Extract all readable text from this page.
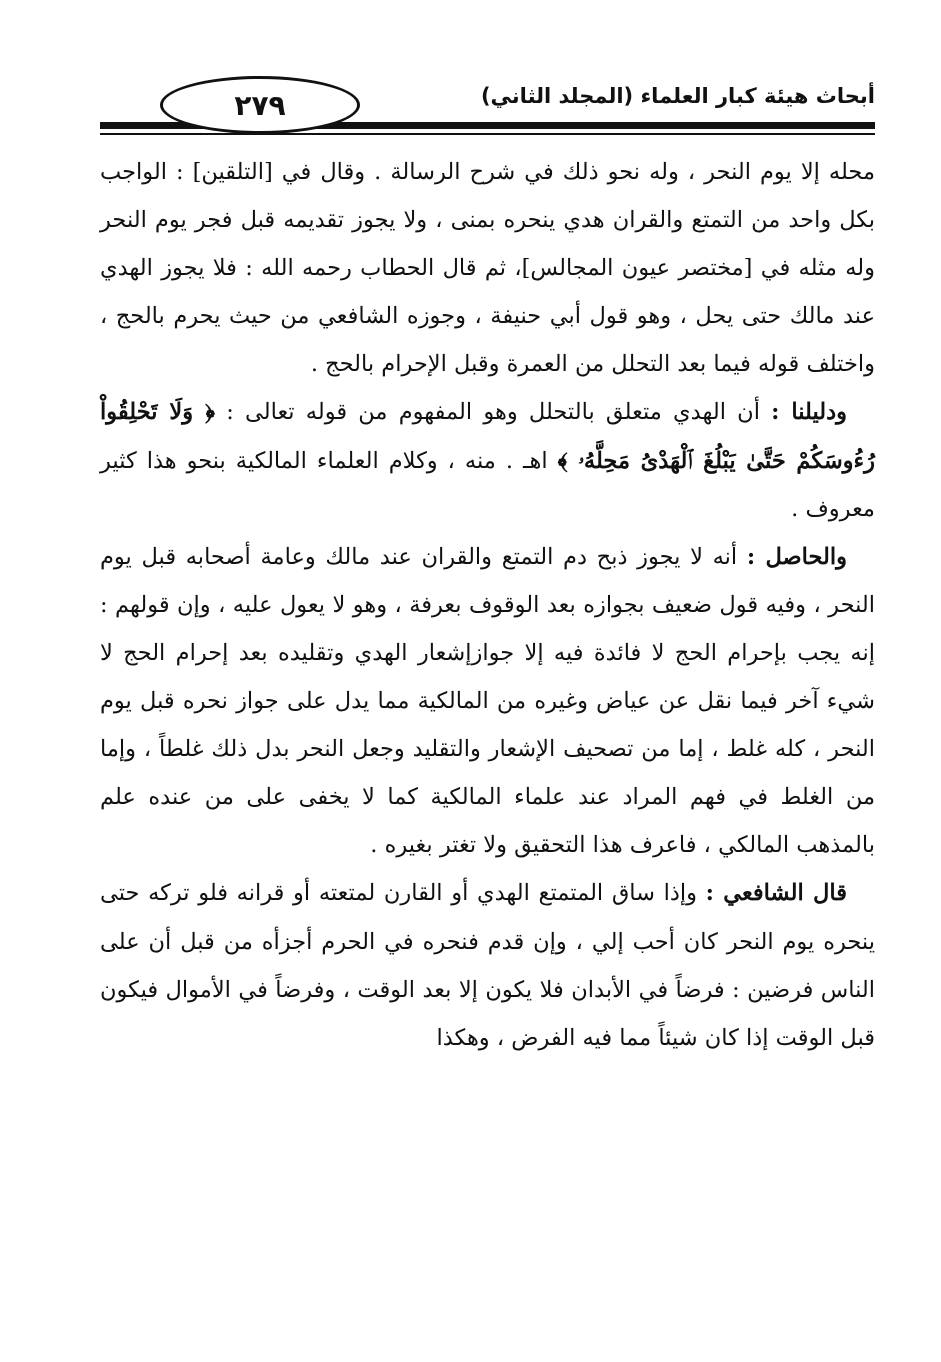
٢٧٩	أبحاث هيئة كبار العلماء (المجلد الثاني)

محله إلا يوم النحر ، وله نحو ذلك في شرح الرسالة . وقال في [التلقين] : الواجب بكل واحد من التمتع والقران هدي ينحره بمنى ، ولا يجوز تقديمه قبل فجر يوم النحر وله مثله في [مختصر عيون المجالس]، ثم قال الحطاب رحمه الله : فلا يجوز الهدي عند مالك حتى يحل ، وهو قول أبي حنيفة ، وجوزه الشافعي من حيث يحرم بالحج ، واختلف قوله فيما بعد التحلل من العمرة وقبل الإحرام بالحج .

ودليلنا : أن الهدي متعلق بالتحلل وهو المفهوم من قوله تعالى : ﴿ وَلَا تَحْلِقُواْ رُءُوسَكُمْ حَتَّىٰ يَبْلُغَ ٱلْهَدْىُ مَحِلَّهُۥ ﴾ اهـ . منه ، وكلام العلماء المالكية بنحو هذا كثير معروف .

والحاصل : أنه لا يجوز ذبح دم التمتع والقران عند مالك وعامة أصحابه قبل يوم النحر ، وفيه قول ضعيف بجوازه بعد الوقوف بعرفة ، وهو لا يعول عليه ، وإن قولهم : إنه يجب بإحرام الحج لا فائدة فيه إلا جوازإشعار الهدي وتقليده بعد إحرام الحج لا شيء آخر فيما نقل عن عياض وغيره من المالكية مما يدل على جواز نحره قبل يوم النحر ، كله غلط ، إما من تصحيف الإشعار والتقليد وجعل النحر بدل ذلك غلطاً ، وإما من الغلط في فهم المراد عند علماء المالكية كما لا يخفى على من عنده علم بالمذهب المالكي ، فاعرف هذا التحقيق ولا تغتر بغيره .

قال الشافعي : وإذا ساق المتمتع الهدي أو القارن لمتعته أو قرانه فلو تركه حتى ينحره يوم النحر كان أحب إلي ، وإن قدم فنحره في الحرم أجزأه من قبل أن على الناس فرضين : فرضاً في الأبدان فلا يكون إلا بعد الوقت ، وفرضاً في الأموال فيكون قبل الوقت إذا كان شيئاً مما فيه الفرض ، وهكذا
